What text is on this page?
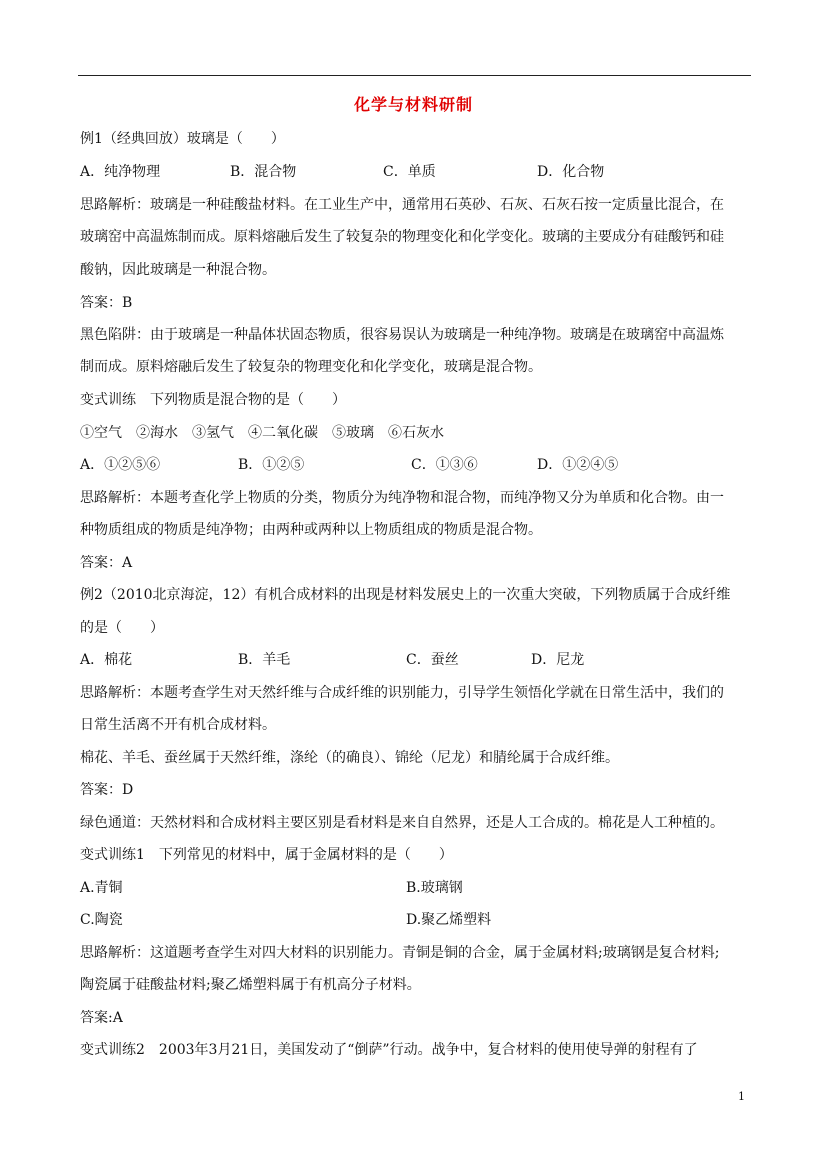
化学与材料研制
例1（经典回放）玻璃是（　　）
A．纯净物理	B．混合物	C．单质	D．化合物
思路解析：玻璃是一种硅酸盐材料。在工业生产中，通常用石英砂、石灰、石灰石按一定质量比混合，在
玻璃窑中高温炼制而成。原料熔融后发生了较复杂的物理变化和化学变化。玻璃的主要成分有硅酸钙和硅
酸钠，因此玻璃是一种混合物。
答案：B
黑色陷阱：由于玻璃是一种晶体状固态物质，很容易误认为玻璃是一种纯净物。玻璃是在玻璃窑中高温炼
制而成。原料熔融后发生了较复杂的物理变化和化学变化，玻璃是混合物。
变式训练　下列物质是混合物的是（　　）
①空气　②海水　③氢气　④二氧化碳　⑤玻璃　⑥石灰水
A．①②⑤⑥	B．①②⑤	C．①③⑥	D．①②④⑤
思路解析：本题考查化学上物质的分类，物质分为纯净物和混合物，而纯净物又分为单质和化合物。由一
种物质组成的物质是纯净物；由两种或两种以上物质组成的物质是混合物。
答案：A
例2（2010北京海淀，12）有机合成材料的出现是材料发展史上的一次重大突破，下列物质属于合成纤维
的是（　　）
A．棉花	B．羊毛	C．蚕丝	D．尼龙
思路解析：本题考查学生对天然纤维与合成纤维的识别能力，引导学生领悟化学就在日常生活中，我们的
日常生活离不开有机合成材料。
棉花、羊毛、蚕丝属于天然纤维，涤纶（的确良）、锦纶（尼龙）和腈纶属于合成纤维。
答案：D
绿色通道：天然材料和合成材料主要区别是看材料是来自自然界，还是人工合成的。棉花是人工种植的。
变式训练1　下列常见的材料中，属于金属材料的是（　　）
A.青铜	B.玻璃钢
C.陶瓷	D.聚乙烯塑料
思路解析：这道题考查学生对四大材料的识别能力。青铜是铜的合金，属于金属材料;玻璃钢是复合材料;
陶瓷属于硅酸盐材料;聚乙烯塑料属于有机高分子材料。
答案:A
变式训练2　2003年3月21日，美国发动了“倒萨”行动。战争中，复合材料的使用使导弹的射程有了
1
